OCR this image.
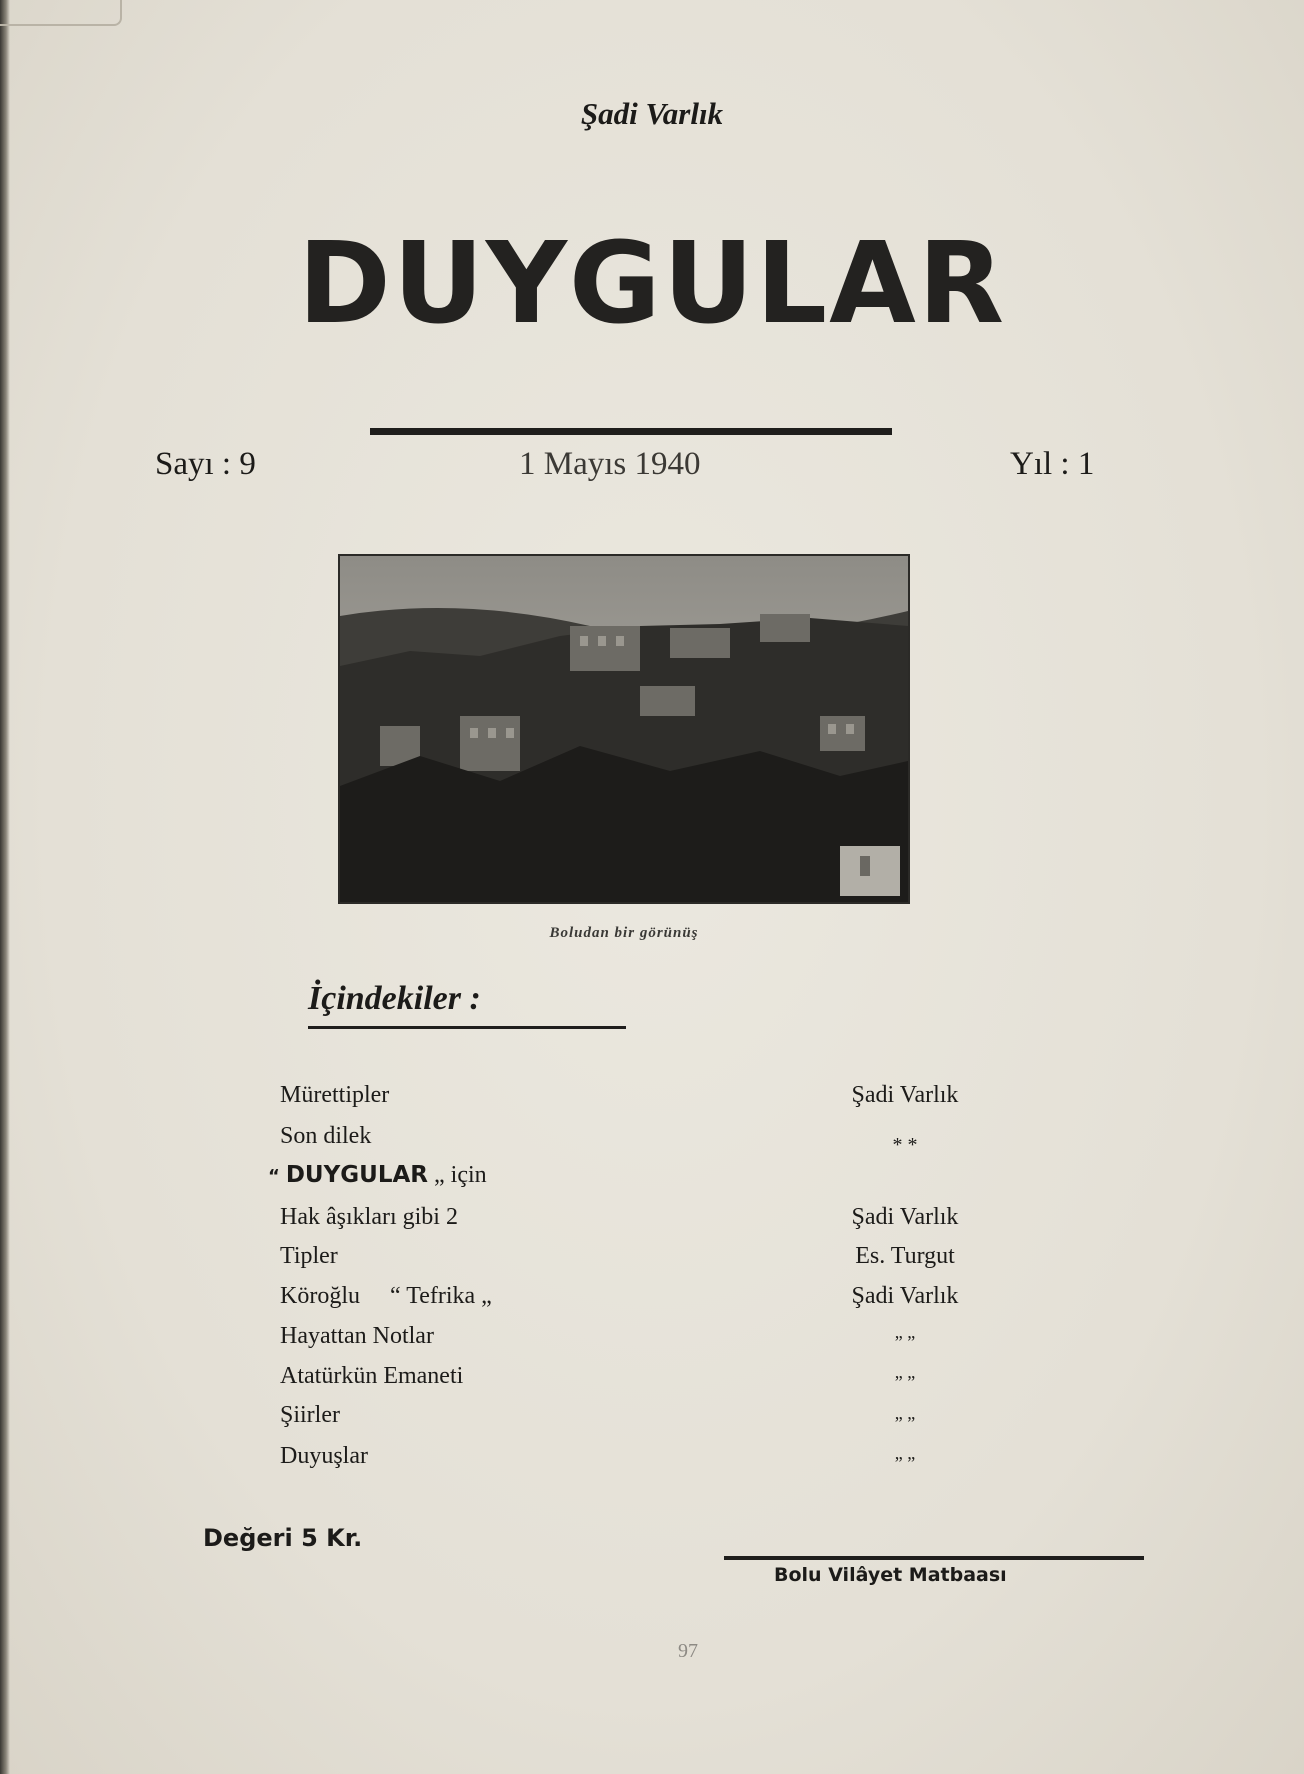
Şadi Varlık
DUYGULAR
Sayı : 9	1 Mayıs 1940	Yıl : 1
Boludan bir görünüş
İçindekiler :
Mürettipler	Şadi Varlık
Son dilek	* *
“ DUYGULAR „ için
Hak âşıkları gibi 2	Şadi Varlık
Tipler	Es. Turgut
Köroğlu “ Tefrika „	Şadi Varlık
Hayattan Notlar	” ”
Atatürkün Emaneti	” ”
Şiirler	” ”
Duyuşlar	” ”
Değeri 5 Kr.
Bolu Vilâyet Matbaası
97
